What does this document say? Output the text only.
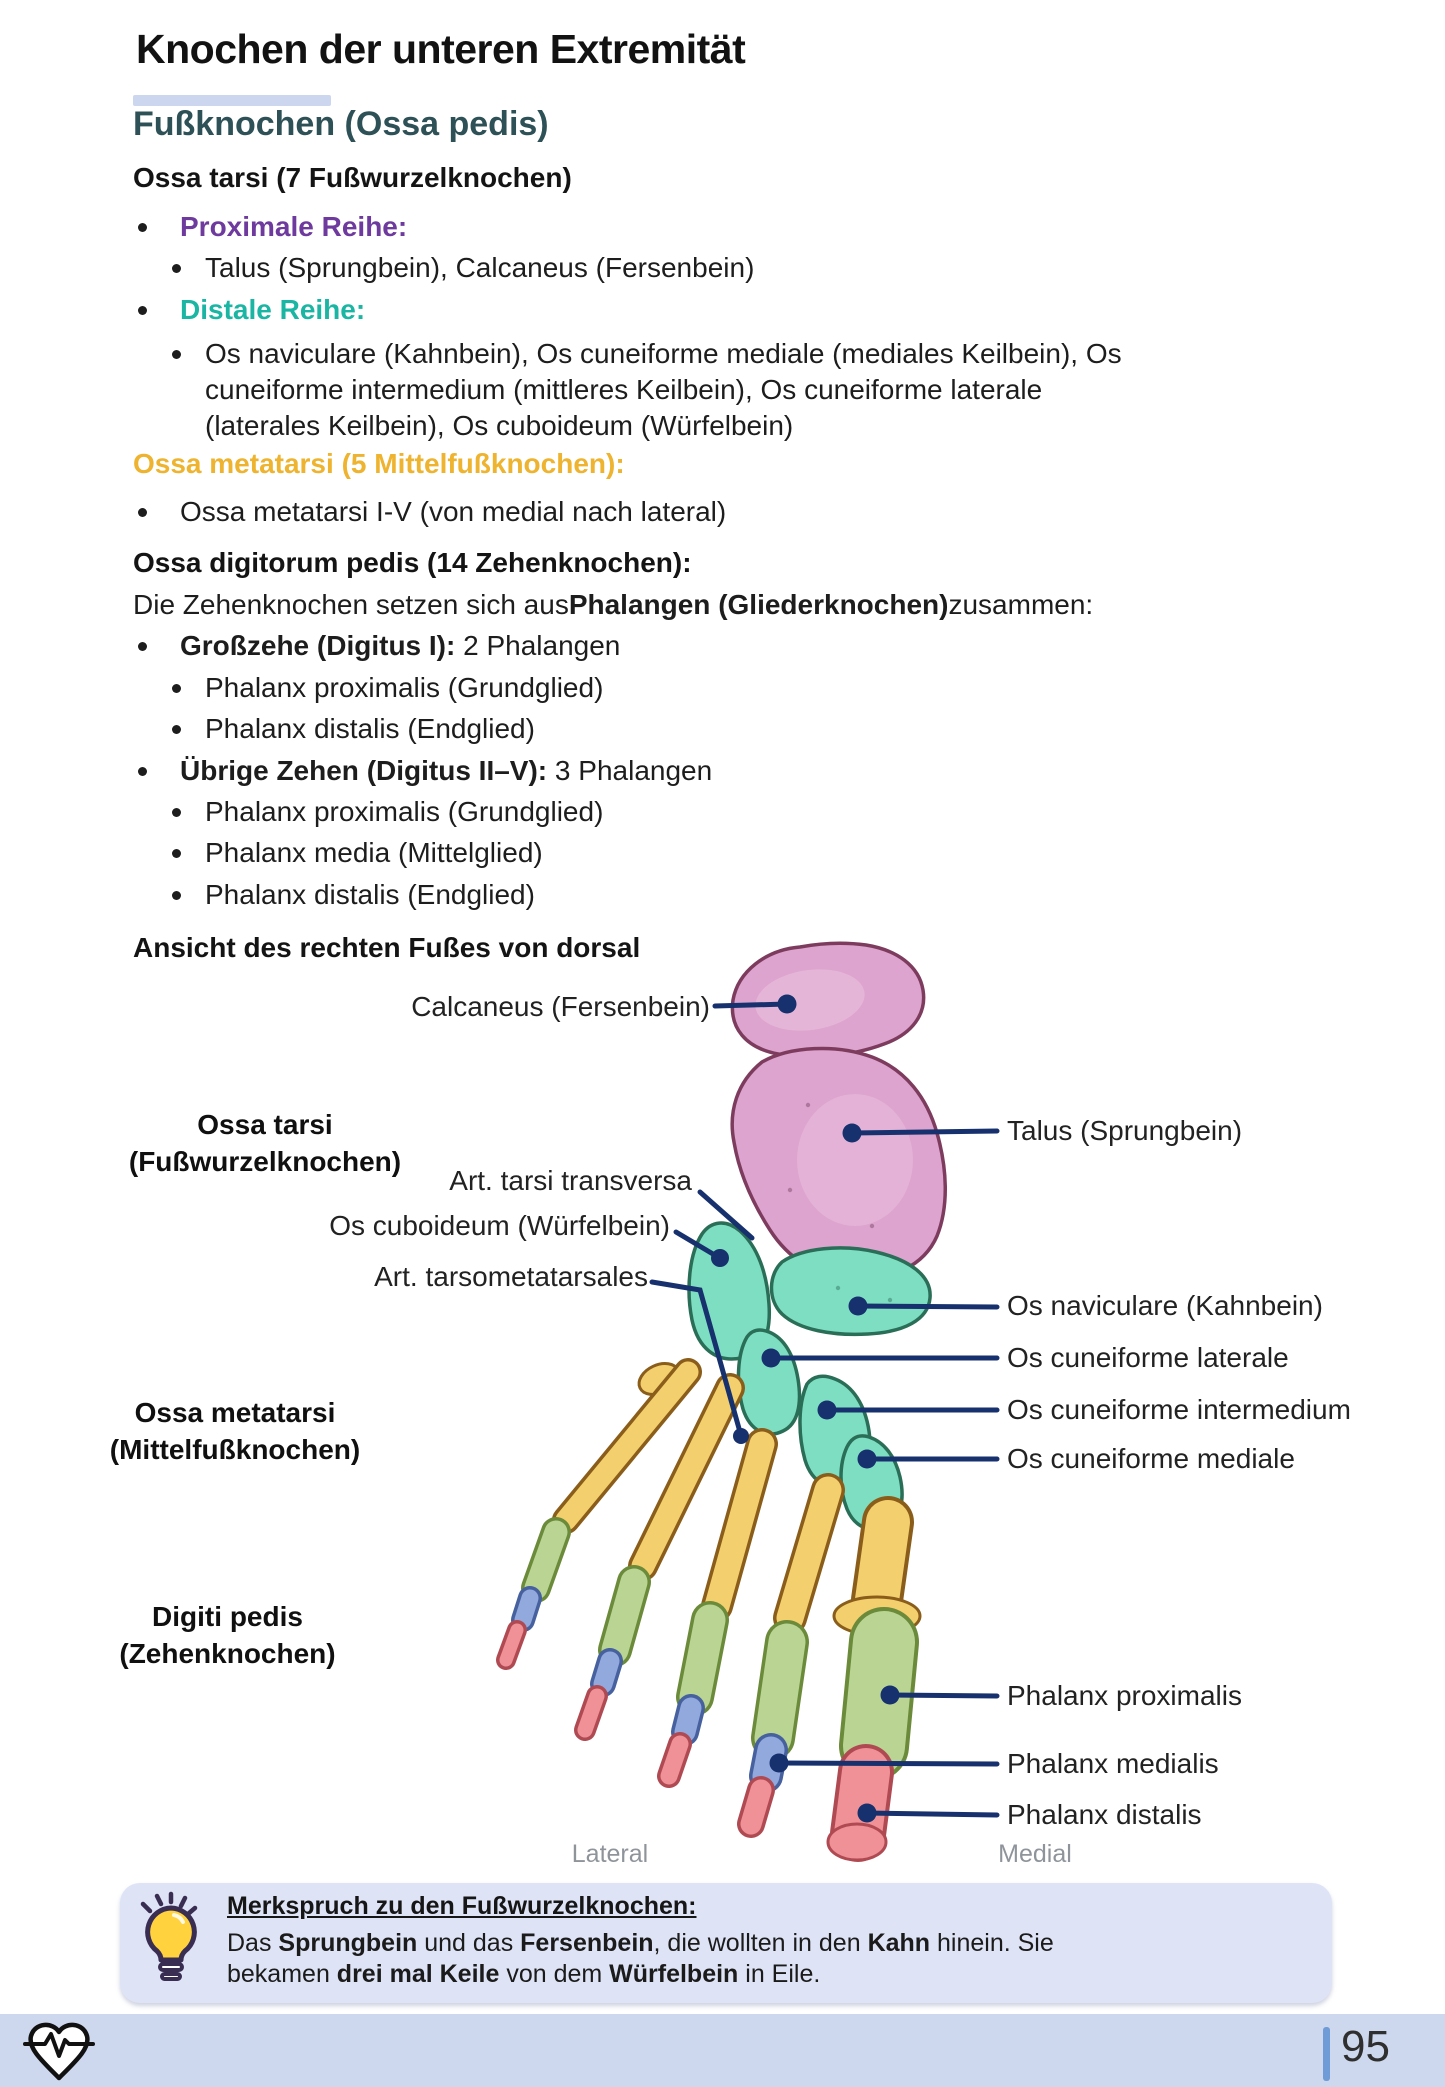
Knochen der unteren Extremität
Fußknochen (Ossa pedis)
Ossa tarsi (7 Fußwurzelknochen)
Proximale Reihe:
Talus (Sprungbein), Calcaneus (Fersenbein)
Distale Reihe:
Os naviculare (Kahnbein), Os cuneiforme mediale (mediales Keilbein), Os cuneiforme intermedium (mittleres Keilbein), Os cuneiforme laterale (laterales Keilbein), Os cuboideum (Würfelbein)
Ossa metatarsi (5 Mittelfußknochen):
Ossa metatarsi I-V (von medial nach lateral)
Ossa digitorum pedis (14 Zehenknochen):
Die Zehenknochen setzen sich aus Phalangen (Gliederknochen) zusammen:
Großzehe (Digitus I): 2 Phalangen
Phalanx proximalis (Grundglied)
Phalanx distalis (Endglied)
Übrige Zehen (Digitus II–V): 3 Phalangen
Phalanx proximalis (Grundglied)
Phalanx media (Mittelglied)
Phalanx distalis (Endglied)
Ansicht des rechten Fußes von dorsal
Calcaneus (Fersenbein)
Talus (Sprungbein)
Ossa tarsi
(Fußwurzelknochen)
Art. tarsi transversa
Os cuboideum (Würfelbein)
Art. tarsometatarsales
Os naviculare (Kahnbein)
Os cuneiforme laterale
Os cuneiforme intermedium
Os cuneiforme mediale
Ossa metatarsi
(Mittelfußknochen)
Digiti pedis
(Zehenknochen)
Phalanx proximalis
Phalanx medialis
Phalanx distalis
Lateral	Medial
Merkspruch zu den Fußwurzelknochen:
Das Sprungbein und das Fersenbein, die wollten in den Kahn hinein. Sie bekamen drei mal Keile von dem Würfelbein in Eile.
95
